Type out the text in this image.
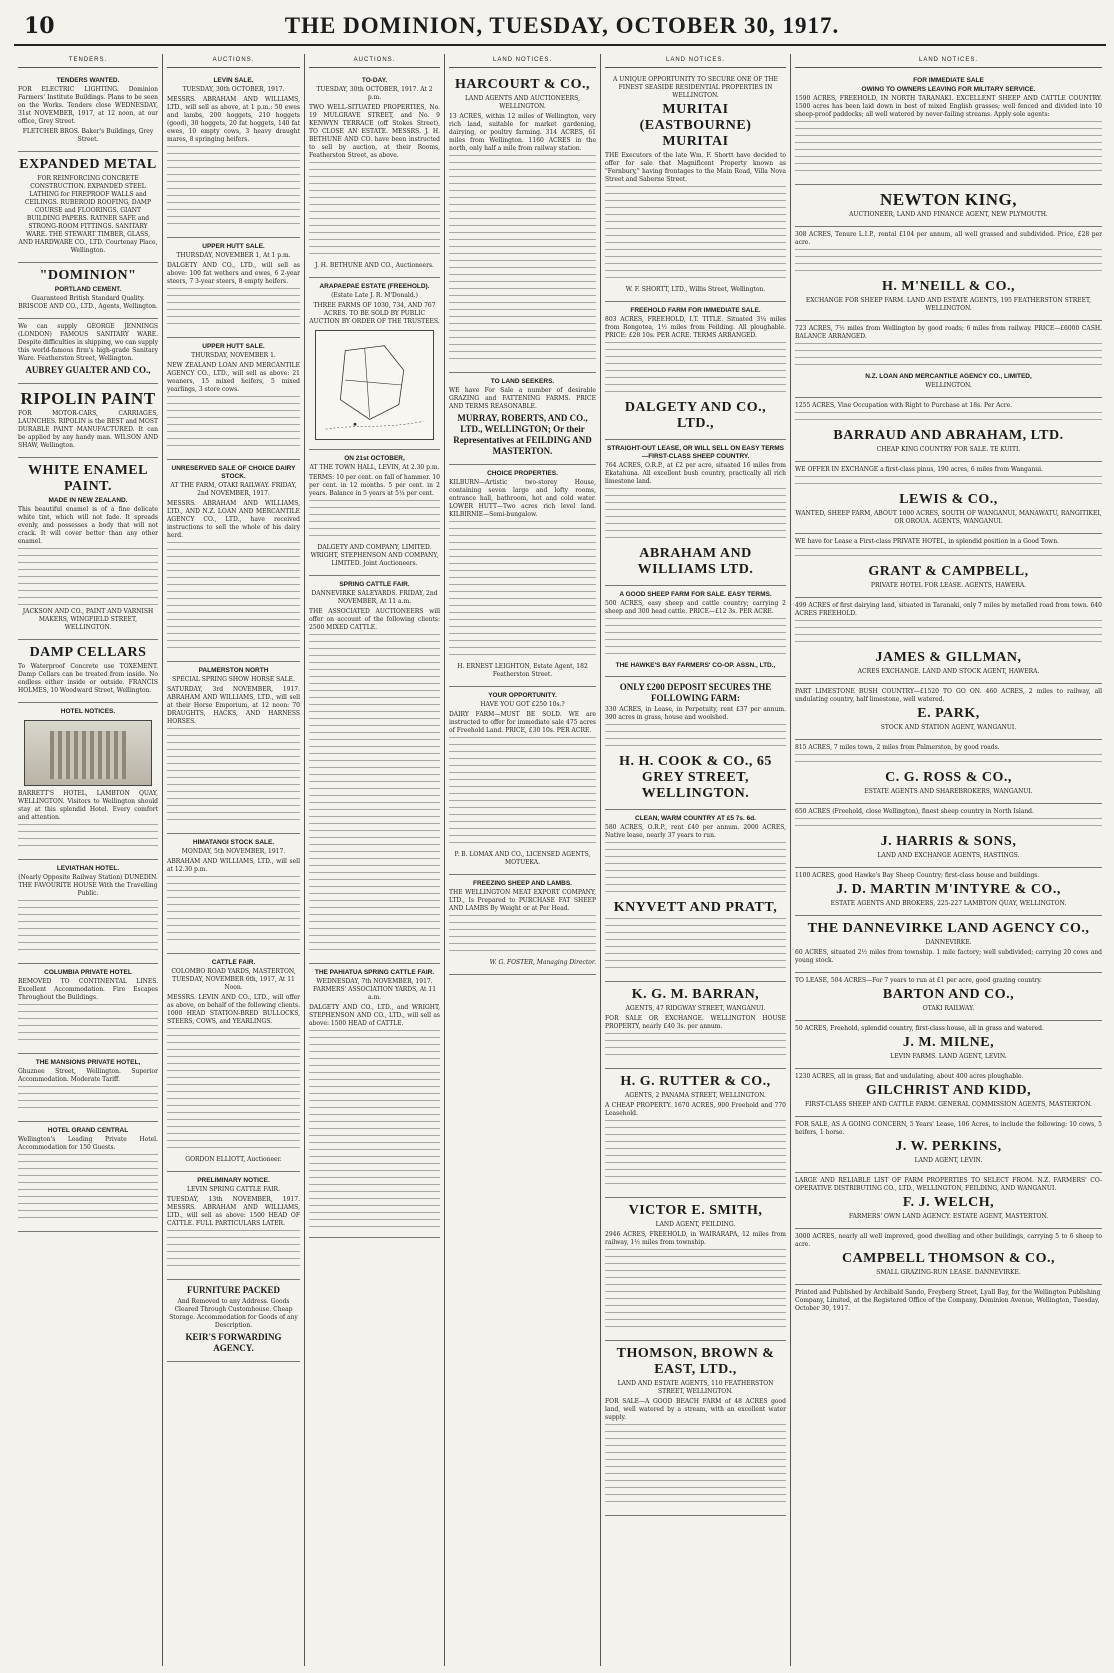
10	THE DOMINION, TUESDAY, OCTOBER 30, 1917.
TENDERS.
TENDERS WANTED.

FOR ELECTRIC LIGHTING. Dominion Farmers' Institute Buildings. Plans to be seen on the Works. Tenders close WEDNESDAY, 31st NOVEMBER, 1917, at 12 noon, at our office, Grey Street.

FLETCHER BROS. Baker's Buildings, Grey Street.

EXPANDED METAL

FOR REINFORCING CONCRETE CONSTRUCTION. EXPANDED STEEL LATHING for FIREPROOF WALLS and CEILINGS. RUBEROID ROOFING, DAMP COURSE and FLOORINGS. GIANT BUILDING PAPERS. RATNER SAFE and STRONG-ROOM FITTINGS. SANITARY WARE. THE STEWART TIMBER, GLASS, AND HARDWARE CO., LTD. Courtenay Place, Wellington.

"DOMINION"
PORTLAND CEMENT.

Guaranteed British Standard Quality. BRISCOE AND CO., LTD., Agents, Wellington.

We can supply GEORGE JENNINGS (LONDON) FAMOUS SANITARY WARE. Despite difficulties in shipping, we can supply this world-famous firm's high-grade Sanitary Ware. Featherston Street, Wellington.

AUBREY GUALTER AND CO.,
RIPOLIN PAINT

FOR MOTOR-CARS, CARRIAGES, LAUNCHES. RIPOLIN is the BEST and MOST DURABLE PAINT MANUFACTURED. It can be applied by any handy man. WILSON AND SHAW, Wellington.

WHITE ENAMEL PAINT.
MADE IN NEW ZEALAND.

This beautiful enamel is of a fine delicate white tint, which will not fade. It spreads evenly, and possesses a body that will not crack. It will cover better than any other enamel.

JACKSON AND CO., PAINT AND VARNISH MAKERS, WINGFIELD STREET, WELLINGTON.

DAMP CELLARS

To Waterproof Concrete use TOXEMENT. Damp Cellars can be treated from inside. No endless either inside or outside. FRANCIS HOLMES, 10 Woodward Street, Wellington.

HOTEL NOTICES.

BARRETT'S HOTEL, LAMBTON QUAY, WELLINGTON. Visitors to Wellington should stay at this splendid Hotel. Every comfort and attention.

LEVIATHAN HOTEL.

(Nearly Opposite Railway Station) DUNEDIN. THE FAVOURITE HOUSE With the Travelling Public.

COLUMBIA PRIVATE HOTEL

REMOVED TO CONTINENTAL LINES. Excellent Accommodation. Fire Escapes Throughout the Buildings.

THE MANSIONS PRIVATE HOTEL,

Ghuznee Street, Wellington. Superior Accommodation. Moderate Tariff.

HOTEL GRAND CENTRAL

Wellington's Leading Private Hotel. Accommodation for 150 Guests.

AUCTIONS.
LEVIN SALE.

TUESDAY, 30th OCTOBER, 1917.

MESSRS. ABRAHAM AND WILLIAMS, LTD., will sell as above, at 1 p.m.: 50 ewes and lambs, 200 hoggets, 210 hoggets (good), 30 hoggets, 20 fat hoggets, 140 fat ewes, 10 empty cows, 3 heavy draught mares, 8 springing heifers.

UPPER HUTT SALE.

THURSDAY, NOVEMBER 1, At 1 p.m.

DALGETY AND CO., LTD., will sell as above: 100 fat wethers and ewes, 6 2-year steers, 7 3-year steers, 8 empty heifers.

UPPER HUTT SALE.

THURSDAY, NOVEMBER 1.

NEW ZEALAND LOAN AND MERCANTILE AGENCY CO., LTD., will sell as above: 21 weaners, 15 mixed heifers, 5 mixed yearlings, 3 store cows.

UNRESERVED SALE OF CHOICE DAIRY STOCK.

AT THE FARM, OTAKI RAILWAY. FRIDAY, 2nd NOVEMBER, 1917.

MESSRS. ABRAHAM AND WILLIAMS, LTD., AND N.Z. LOAN AND MERCANTILE AGENCY CO., LTD., have received instructions to sell the whole of his dairy herd.

PALMERSTON NORTH

SPECIAL SPRING SHOW HORSE SALE.

SATURDAY, 3rd NOVEMBER, 1917. ABRAHAM AND WILLIAMS, LTD., will sell at their Horse Emporium, at 12 noon: 70 DRAUGHTS, HACKS, AND HARNESS HORSES.

HIMATANGI STOCK SALE.

MONDAY, 5th NOVEMBER, 1917.

ABRAHAM AND WILLIAMS, LTD., will sell at 12.30 p.m.

CATTLE FAIR.

COLOMBO ROAD YARDS, MASTERTON, TUESDAY, NOVEMBER 6th, 1917, At 11 Noon.

MESSRS. LEVIN AND CO., LTD., will offer as above, on behalf of the following clients. 1000 HEAD STATION-BRED BULLOCKS, STEERS, COWS, and YEARLINGS.

GORDON ELLIOTT, Auctioneer.

PRELIMINARY NOTICE.

LEVIN SPRING CATTLE FAIR.

TUESDAY, 13th NOVEMBER, 1917. MESSRS. ABRAHAM AND WILLIAMS, LTD., will sell as above: 1500 HEAD OF CATTLE. FULL PARTICULARS LATER.

FURNITURE PACKED

And Removed to any Address. Goods Cleared Through Customhouse. Cheap Storage. Accommodation for Goods of any Description.

KEIR'S FORWARDING AGENCY.
AUCTIONS.
TO-DAY.

TUESDAY, 30th OCTOBER, 1917. At 2 p.m.

TWO WELL-SITUATED PROPERTIES, No. 19 MULGRAVE STREET, and No. 9 KENWYN TERRACE (off Stokes Street), TO CLOSE AN ESTATE. MESSRS. J. H. BETHUNE AND CO. have been instructed to sell by auction, at their Rooms, Featherston Street, as above.

J. H. BETHUNE AND CO., Auctioneers.

ARAPAEPAE ESTATE (FREEHOLD).

(Estate Late J. R. M'Donald.)

THREE FARMS OF 1030, 734, AND 767 ACRES. TO BE SOLD BY PUBLIC AUCTION BY ORDER OF THE TRUSTEES.

ON 21st OCTOBER,

AT THE TOWN HALL, LEVIN, At 2.30 p.m.

TERMS: 10 per cent. on fall of hammer. 10 per cent. in 12 months. 5 per cent. in 2 years. Balance in 5 years at 5¼ per cent.

DALGETY AND COMPANY, LIMITED. WRIGHT, STEPHENSON AND COMPANY, LIMITED. Joint Auctioneers.

SPRING CATTLE FAIR.

DANNEVIRKE SALEYARDS. FRIDAY, 2nd NOVEMBER, At 11 a.m.

THE ASSOCIATED AUCTIONEERS will offer on account of the following clients: 2500 MIXED CATTLE.

THE PAHIATUA SPRING CATTLE FAIR.

WEDNESDAY, 7th NOVEMBER, 1917. FARMERS' ASSOCIATION YARDS, At 11 a.m.

DALGETY AND CO., LTD., and WRIGHT, STEPHENSON AND CO., LTD., will sell as above: 1500 HEAD of CATTLE.

LAND NOTICES.
HARCOURT & CO.,

LAND AGENTS AND AUCTIONEERS, WELLINGTON.

13 ACRES, within 12 miles of Wellington, very rich land, suitable for market gardening, dairying, or poultry farming. 314 ACRES, 61 miles from Wellington. 1160 ACRES in the north, only half a mile from railway station.

TO LAND SEEKERS.

WE have For Sale a number of desirable GRAZING and FATTENING FARMS. PRICE AND TERMS REASONABLE.

MURRAY, ROBERTS, AND CO., LTD., WELLINGTON; Or their Representatives at FEILDING AND MASTERTON.
CHOICE PROPERTIES.

KILBURN—Artistic two-storey House, containing seven large and lofty rooms, entrance hall, bathroom, hot and cold water. LOWER HUTT—Two acres rich level land. KILBIRNIE—Semi-bungalow.

H. ERNEST LEIGHTON, Estate Agent, 182 Featherston Street.

YOUR OPPORTUNITY.

HAVE YOU GOT £250 10s.?

DAIRY FARM—MUST BE SOLD. WE are instructed to offer for immediate sale 475 acres of Freehold Land. PRICE, £30 10s. PER ACRE.

P. B. LOMAX AND CO., LICENSED AGENTS, MOTUEKA.

FREEZING SHEEP AND LAMBS.

THE WELLINGTON MEAT EXPORT COMPANY, LTD., Is Prepared to PURCHASE FAT SHEEP AND LAMBS By Weight or at Per Head.

W. G. FOSTER, Managing Director.

LAND NOTICES.

A UNIQUE OPPORTUNITY TO SECURE ONE OF THE FINEST SEASIDE RESIDENTIAL PROPERTIES IN WELLINGTON.

MURITAI (EASTBOURNE) MURITAI

THE Executors of the late Wm. F. Shortt have decided to offer for sale that Magnificent Property known as "Fernbury," having frontages to the Main Road, Villa Nova Street and Saberne Street.

W. F. SHORTT, LTD., Willis Street, Wellington.

FREEHOLD FARM FOR IMMEDIATE SALE.

803 ACRES, FREEHOLD, I.T. TITLE. Situated 3¼ miles from Rongotea, 1½ miles from Feilding. All ploughable. PRICE: £28 10s. PER ACRE. TERMS ARRANGED.

DALGETY AND CO., LTD.,
STRAIGHT-OUT LEASE, OR WILL SELL ON EASY TERMS—FIRST-CLASS SHEEP COUNTRY.

764 ACRES, O.R.P., at £2 per acre, situated 16 miles from Ekatahuna. All excellent bush country, practically all rich limestone land.

ABRAHAM AND WILLIAMS LTD.
A GOOD SHEEP FARM FOR SALE. EASY TERMS.

500 ACRES, easy sheep and cattle country; carrying 2 sheep and 300 head cattle. PRICE—£12 3s. PER ACRE.

THE HAWKE'S BAY FARMERS' CO-OP. ASSN., LTD.,
ONLY £200 DEPOSIT SECURES THE FOLLOWING FARM:

330 ACRES, in Lease, in Perpetuity, rent £37 per annum. 390 acres in grass, house and woolshed.

H. H. COOK & CO., 65 GREY STREET, WELLINGTON.
CLEAN, WARM COUNTRY AT £5 7s. 6d.

580 ACRES, O.R.P., rent £40 per annum. 2000 ACRES, Native lease, nearly 37 years to run.

KNYVETT AND PRATT,
K. G. M. BARRAN,

AGENTS, 47 RIDGWAY STREET, WANGANUI.

FOR SALE OR EXCHANGE. WELLINGTON HOUSE PROPERTY, nearly £40 3s. per annum.

H. G. RUTTER & CO.,

AGENTS, 2 PANAMA STREET, WELLINGTON.

A CHEAP PROPERTY. 1670 ACRES, 900 Freehold and 770 Leasehold.

VICTOR E. SMITH,

LAND AGENT, FEILDING.

2946 ACRES, FREEHOLD, in WAIRARAPA, 12 miles from railway, 1½ miles from township.

THOMSON, BROWN & EAST, LTD.,

LAND AND ESTATE AGENTS, 110 FEATHERSTON STREET, WELLINGTON.

FOR SALE—A GOOD BEACH FARM of 48 ACRES good land, well watered by a stream, with an excellent water supply.

LAND NOTICES.
FOR IMMEDIATE SALE
OWING TO OWNERS LEAVING FOR MILITARY SERVICE.

1590 ACRES, FREEHOLD, IN NORTH TARANAKI. EXCELLENT SHEEP AND CATTLE COUNTRY. 1500 acres has been laid down in best of mixed English grasses; well fenced and divided into 10 sheep-proof paddocks; all well watered by never-failing streams. Apply sole agents:

NEWTON KING,

AUCTIONEER, LAND AND FINANCE AGENT, NEW PLYMOUTH.

308 ACRES, Tenure L.I.P., rental £104 per annum, all well grassed and subdivided. Price, £28 per acre.

H. M'NEILL & CO.,

EXCHANGE FOR SHEEP FARM. LAND AND ESTATE AGENTS, 195 FEATHERSTON STREET, WELLINGTON.

723 ACRES, 7½ miles from Wellington by good roads; 6 miles from railway. PRICE—£6000 CASH. BALANCE ARRANGED.

N.Z. LOAN AND MERCANTILE AGENCY CO., LIMITED,

WELLINGTON.

1255 ACRES, Vine Occupation with Right to Purchase at 18s. Per Acre.

BARRAUD AND ABRAHAM, LTD.

CHEAP KING COUNTRY FOR SALE. TE KUITI.

WE OFFER IN EXCHANGE a first-class pinus, 190 acres, 6 miles from Wanganui.

LEWIS & CO.,

WANTED, SHEEP FARM, ABOUT 1000 ACRES, SOUTH OF WANGANUI, MANAWATU, RANGITIKEI, OR OROUA. AGENTS, WANGANUI.

WE have for Lease a First-class PRIVATE HOTEL, in splendid position in a Good Town.

GRANT & CAMPBELL,

PRIVATE HOTEL FOR LEASE. AGENTS, HAWERA.

499 ACRES of first dairying land, situated in Taranaki, only 7 miles by metalled road from town. 640 ACRES FREEHOLD.

JAMES & GILLMAN,

ACRES EXCHANGE. LAND AND STOCK AGENT, HAWERA.

PART LIMESTONE BUSH COUNTRY—£1520 TO GO ON. 460 ACRES, 2 miles to railway, all undulating country, half limestone, well watered.

E. PARK,

STOCK AND STATION AGENT, WANGANUI.

815 ACRES, 7 miles town, 2 miles from Palmerston, by good roads.

C. G. ROSS & CO.,

ESTATE AGENTS AND SHAREBROKERS, WANGANUI.

650 ACRES (Freehold, close Wellington), finest sheep country in North Island.

J. HARRIS & SONS,

LAND AND EXCHANGE AGENTS, HASTINGS.

1100 ACRES, good Hawke's Bay Sheep Country; first-class house and buildings.

J. D. MARTIN M'INTYRE & CO.,

ESTATE AGENTS AND BROKERS, 225-227 LAMBTON QUAY, WELLINGTON.

THE DANNEVIRKE LAND AGENCY CO.,

DANNEVIRKE.

60 ACRES, situated 2½ miles from township. 1 mile factory; well subdivided; carrying 20 cows and young stock.

TO LEASE, 504 ACRES—For 7 years to run at £1 per acre, good grazing country.

BARTON AND CO.,

OTAKI RAILWAY.

50 ACRES, Freehold, splendid country, first-class house, all in grass and watered.

J. M. MILNE,

LEVIN FARMS. LAND AGENT, LEVIN.

1230 ACRES, all in grass, flat and undulating, about 400 acres ploughable.

GILCHRIST AND KIDD,

FIRST-CLASS SHEEP AND CATTLE FARM. GENERAL COMMISSION AGENTS, MASTERTON.

FOR SALE, AS A GOING CONCERN, 5 Years' Lease, 106 Acres, to include the following: 10 cows, 5 heifers, 1 horse.

J. W. PERKINS,

LAND AGENT, LEVIN.

LARGE AND RELIABLE LIST OF FARM PROPERTIES TO SELECT FROM. N.Z. FARMERS' CO-OPERATIVE DISTRIBUTING CO., LTD., WELLINGTON, FEILDING, AND WANGANUI.

F. J. WELCH,

FARMERS' OWN LAND AGENCY. ESTATE AGENT, MASTERTON.

3000 ACRES, nearly all well improved, good dwelling and other buildings, carrying 5 to 6 sheep to acre.

CAMPBELL THOMSON & CO.,

SMALL GRAZING-RUN LEASE. DANNEVIRKE.

Printed and Published by Archibald Sando, Freyberg Street, Lyall Bay, for the Wellington Publishing Company, Limited, at the Registered Office of the Company, Dominion Avenue, Wellington, Tuesday, October 30, 1917.
